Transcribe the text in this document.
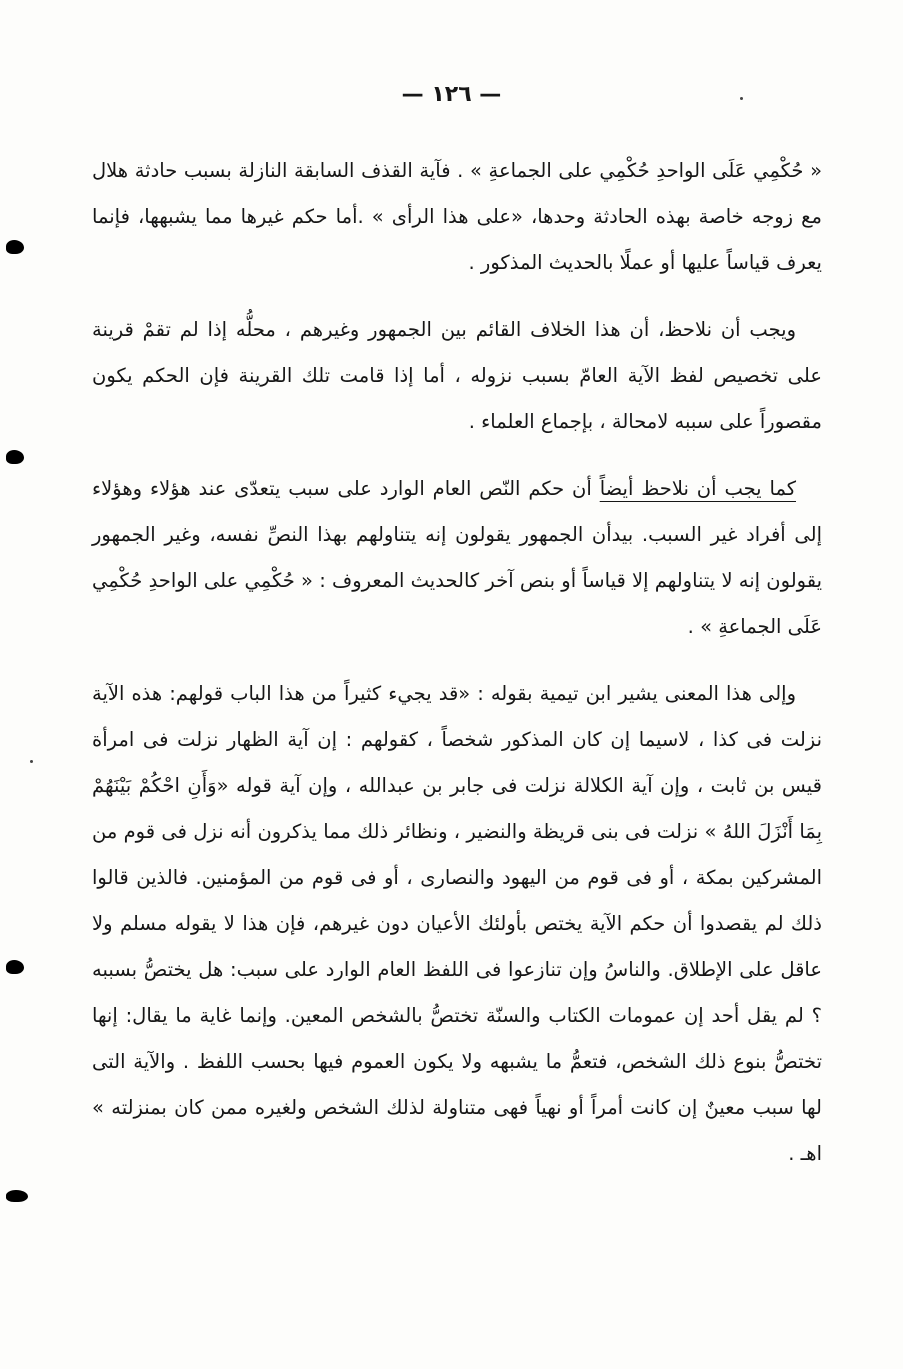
— ١٢٦ —

« حُكْمِي عَلَى الواحدِ حُكْمِي على الجماعةِ » . فآية القذف السابقة النازلة بسبب حادثة هلال مع زوجه خاصة بهذه الحادثة وحدها، «على هذا الرأى » .أما حكم غيرها مما يشبهها، فإنما يعرف قياساً عليها أو عملًا بالحديث المذكور .

ويجب أن نلاحظ، أن هذا الخلاف القائم بين الجمهور وغيرهم ، محلُّه إذا لم تقمْ قرينة على تخصيص لفظ الآية العامّ بسبب نزوله ، أما إذا قامت تلك القرينة فإن الحكم يكون مقصوراً على سببه لامحالة ، بإجماع العلماء .

كما يجب أن نلاحظ أيضاً أن حكم النّص العام الوارد على سبب يتعدّى عند هؤلاء وهؤلاء إلى أفراد غير السبب. بيدأن الجمهور يقولون إنه يتناولهم بهذا النصِّ نفسه، وغير الجمهور يقولون إنه لا يتناولهم إلا قياساً أو بنص آخر كالحديث المعروف : « حُكْمِي على الواحدِ حُكْمِي عَلَى الجماعةِ » .

وإلى هذا المعنى يشير ابن تيمية بقوله : «قد يجيء كثيراً من هذا الباب قولهم: هذه الآية نزلت فى كذا ، لاسيما إن كان المذكور شخصاً ، كقولهم : إن آية الظهار نزلت فى امرأة قيس بن ثابت ، وإن آية الكلالة نزلت فى جابر بن عبدالله ، وإن آية قوله «وَأَنِ احْكُمْ بَيْنَهُمْ بِمَا أَنْزَلَ اللهُ » نزلت فى بنى قريظة والنضير ، ونظائر ذلك مما يذكرون أنه نزل فى قوم من المشركين بمكة ، أو فى قوم من اليهود والنصارى ، أو فى قوم من المؤمنين. فالذين قالوا ذلك لم يقصدوا أن حكم الآية يختص بأولئك الأعيان دون غيرهم، فإن هذا لا يقوله مسلم ولا عاقل على الإطلاق. والناسُ وإن تنازعوا فى اللفظ العام الوارد على سبب: هل يختصُّ بسببه ؟ لم يقل أحد إن عمومات الكتاب والسنّة تختصُّ بالشخص المعين. وإنما غاية ما يقال: إنها تختصُّ بنوع ذلك الشخص، فتعمُّ ما يشبهه ولا يكون العموم فيها بحسب اللفظ . والآية التى لها سبب معينٌ إن كانت أمراً أو نهياً فهى متناولة لذلك الشخص ولغيره ممن كان بمنزلته » اهـ .
